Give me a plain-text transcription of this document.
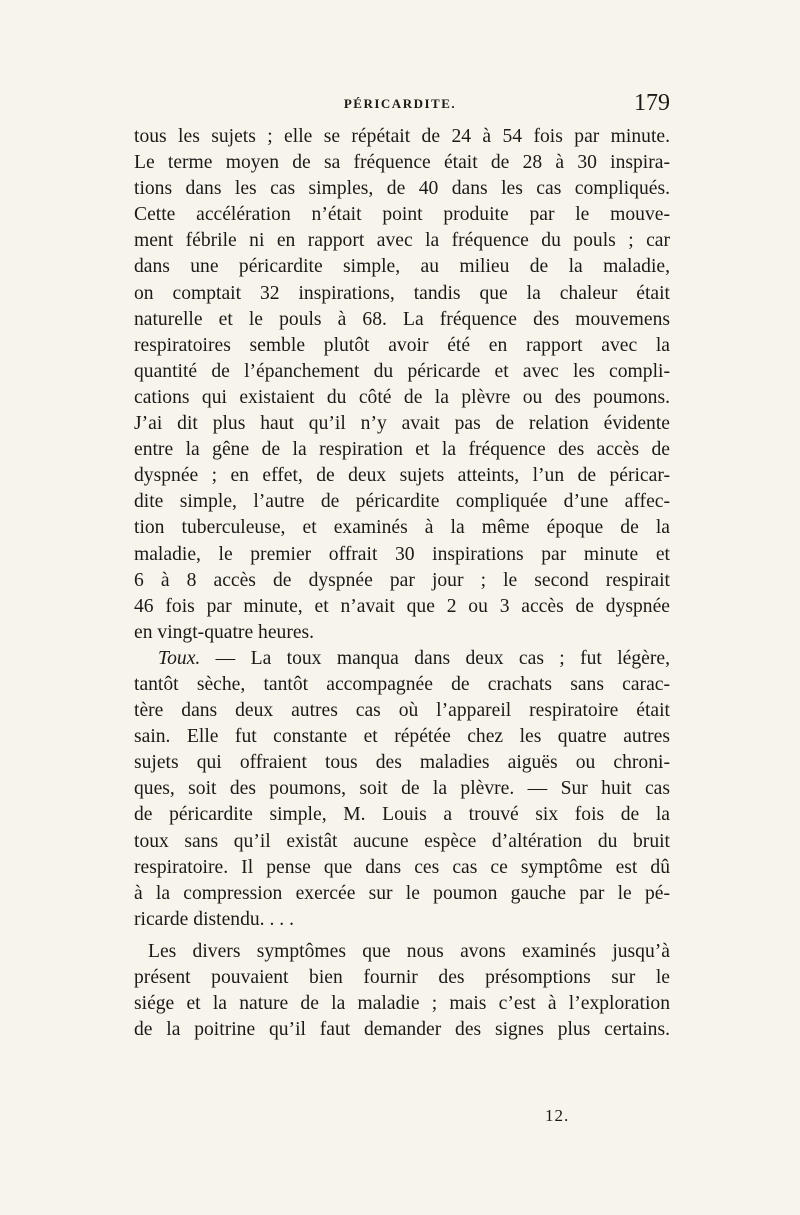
PÉRICARDITE.	179
tous les sujets ; elle se répétait de 24 à 54 fois par minute.
Le terme moyen de sa fréquence était de 28 à 30 inspira-
tions dans les cas simples, de 40 dans les cas compliqués.
Cette accélération n’était point produite par le mouve-
ment fébrile ni en rapport avec la fréquence du pouls ; car
dans une péricardite simple, au milieu de la maladie,
on comptait 32 inspirations, tandis que la chaleur était
naturelle et le pouls à 68. La fréquence des mouvemens
respiratoires semble plutôt avoir été en rapport avec la
quantité de l’épanchement du péricarde et avec les compli-
cations qui existaient du côté de la plèvre ou des poumons.
J’ai dit plus haut qu’il n’y avait pas de relation évidente
entre la gêne de la respiration et la fréquence des accès de
dyspnée ; en effet, de deux sujets atteints, l’un de péricar-
dite simple, l’autre de péricardite compliquée d’une affec-
tion tuberculeuse, et examinés à la même époque de la
maladie, le premier offrait 30 inspirations par minute et
6 à 8 accès de dyspnée par jour ; le second respirait
46 fois par minute, et n’avait que 2 ou 3 accès de dyspnée
en vingt-quatre heures.
Toux. — La toux manqua dans deux cas ; fut légère,
tantôt sèche, tantôt accompagnée de crachats sans carac-
tère dans deux autres cas où l’appareil respiratoire était
sain. Elle fut constante et répétée chez les quatre autres
sujets qui offraient tous des maladies aiguës ou chroni-
ques, soit des poumons, soit de la plèvre. — Sur huit cas
de péricardite simple, M. Louis a trouvé six fois de la
toux sans qu’il existât aucune espèce d’altération du bruit
respiratoire. Il pense que dans ces cas ce symptôme est dû
à la compression exercée sur le poumon gauche par le pé-
ricarde distendu. . . .
Les divers symptômes que nous avons examinés jusqu’à
présent pouvaient bien fournir des présomptions sur le
siége et la nature de la maladie ; mais c’est à l’exploration
de la poitrine qu’il faut demander des signes plus certains.
12.
